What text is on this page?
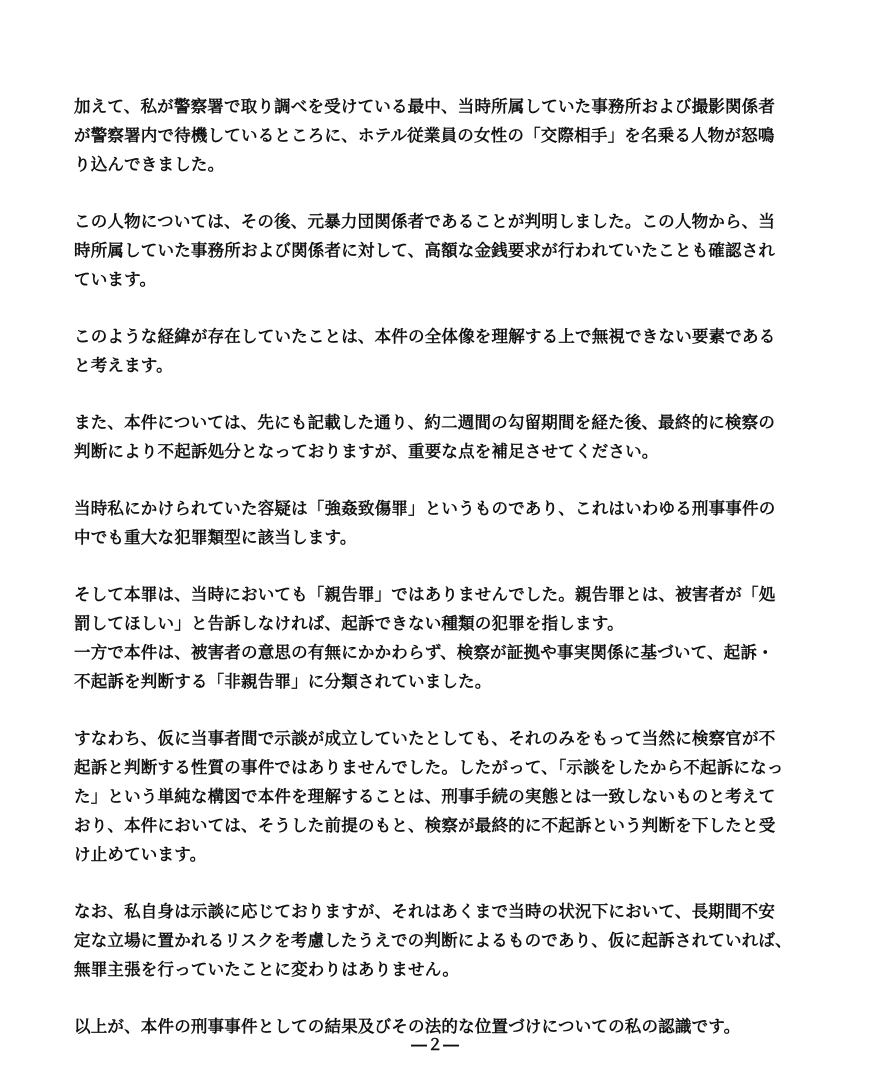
加えて、私が警察署で取り調べを受けている最中、当時所属していた事務所および撮影関係者
が警察署内で待機しているところに、ホテル従業員の女性の「交際相手」を名乗る人物が怒鳴
り込んできました。

この人物については、その後、元暴力団関係者であることが判明しました。この人物から、当
時所属していた事務所および関係者に対して、高額な金銭要求が行われていたことも確認され
ています。

このような経緯が存在していたことは、本件の全体像を理解する上で無視できない要素である
と考えます。

また、本件については、先にも記載した通り、約二週間の勾留期間を経た後、最終的に検察の
判断により不起訴処分となっておりますが、重要な点を補足させてください。

当時私にかけられていた容疑は「強姦致傷罪」というものであり、これはいわゆる刑事事件の
中でも重大な犯罪類型に該当します。

そして本罪は、当時においても「親告罪」ではありませんでした。親告罪とは、被害者が「処
罰してほしい」と告訴しなければ、起訴できない種類の犯罪を指します。
一方で本件は、被害者の意思の有無にかかわらず、検察が証拠や事実関係に基づいて、起訴・
不起訴を判断する「非親告罪」に分類されていました。

すなわち、仮に当事者間で示談が成立していたとしても、それのみをもって当然に検察官が不
起訴と判断する性質の事件ではありませんでした。したがって、「示談をしたから不起訴になっ
た」という単純な構図で本件を理解することは、刑事手続の実態とは一致しないものと考えて
おり、本件においては、そうした前提のもと、検察が最終的に不起訴という判断を下したと受
け止めています。

なお、私自身は示談に応じておりますが、それはあくまで当時の状況下において、長期間不安
定な立場に置かれるリスクを考慮したうえでの判断によるものであり、仮に起訴されていれば、
無罪主張を行っていたことに変わりはありません。

以上が、本件の刑事事件としての結果及びその法的な位置づけについての私の認識です。

―２―
